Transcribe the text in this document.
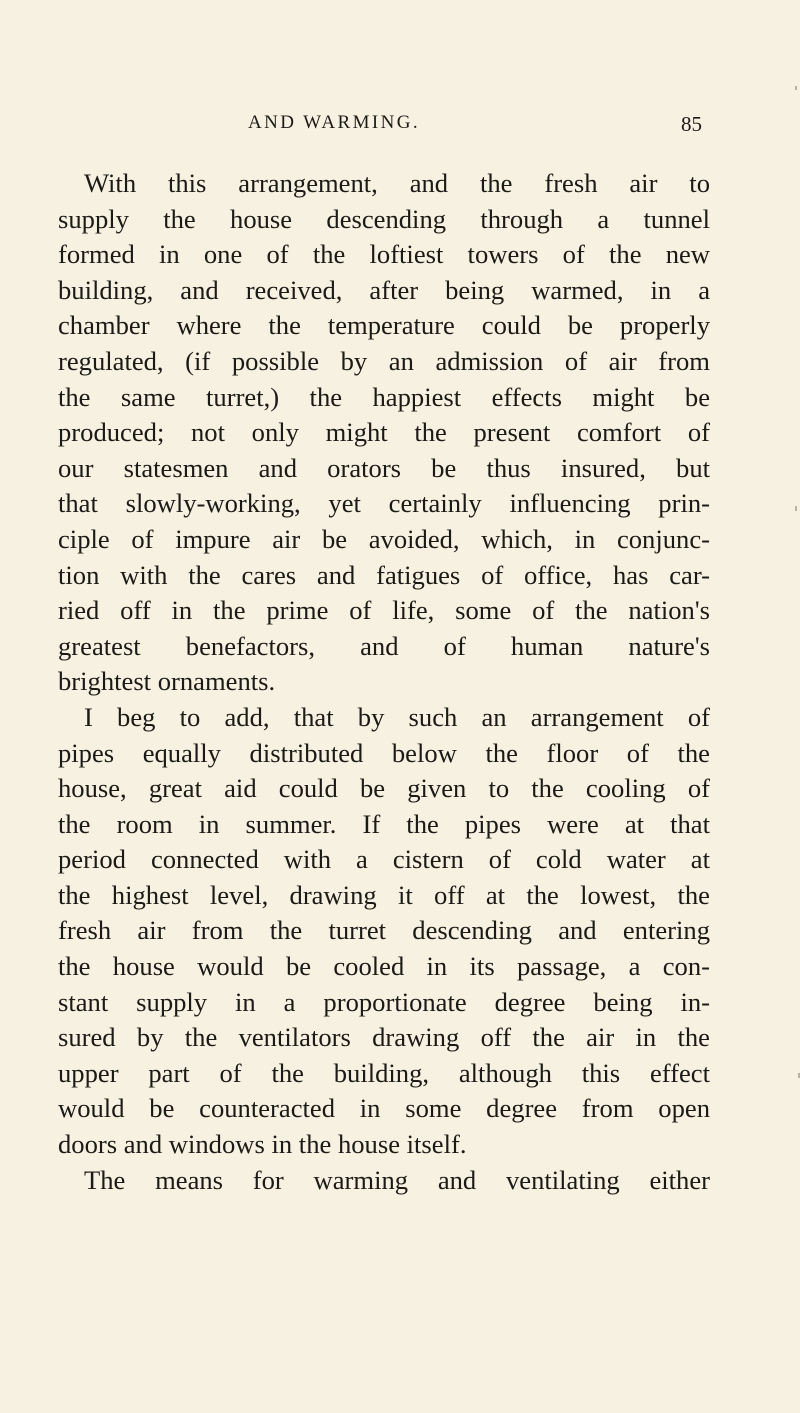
AND WARMING.	85
With this arrangement, and the fresh air to
supply the house descending through a tunnel
formed in one of the loftiest towers of the new
building, and received, after being warmed, in a
chamber where the temperature could be properly
regulated, (if possible by an admission of air from
the same turret,) the happiest effects might be
produced; not only might the present comfort of
our statesmen and orators be thus insured, but
that slowly-working, yet certainly influencing prin-
ciple of impure air be avoided, which, in conjunc-
tion with the cares and fatigues of office, has car-
ried off in the prime of life, some of the nation's
greatest benefactors, and of human nature's
brightest ornaments.
I beg to add, that by such an arrangement of
pipes equally distributed below the floor of the
house, great aid could be given to the cooling of
the room in summer. If the pipes were at that
period connected with a cistern of cold water at
the highest level, drawing it off at the lowest, the
fresh air from the turret descending and entering
the house would be cooled in its passage, a con-
stant supply in a proportionate degree being in-
sured by the ventilators drawing off the air in the
upper part of the building, although this effect
would be counteracted in some degree from open
doors and windows in the house itself.
The means for warming and ventilating either
